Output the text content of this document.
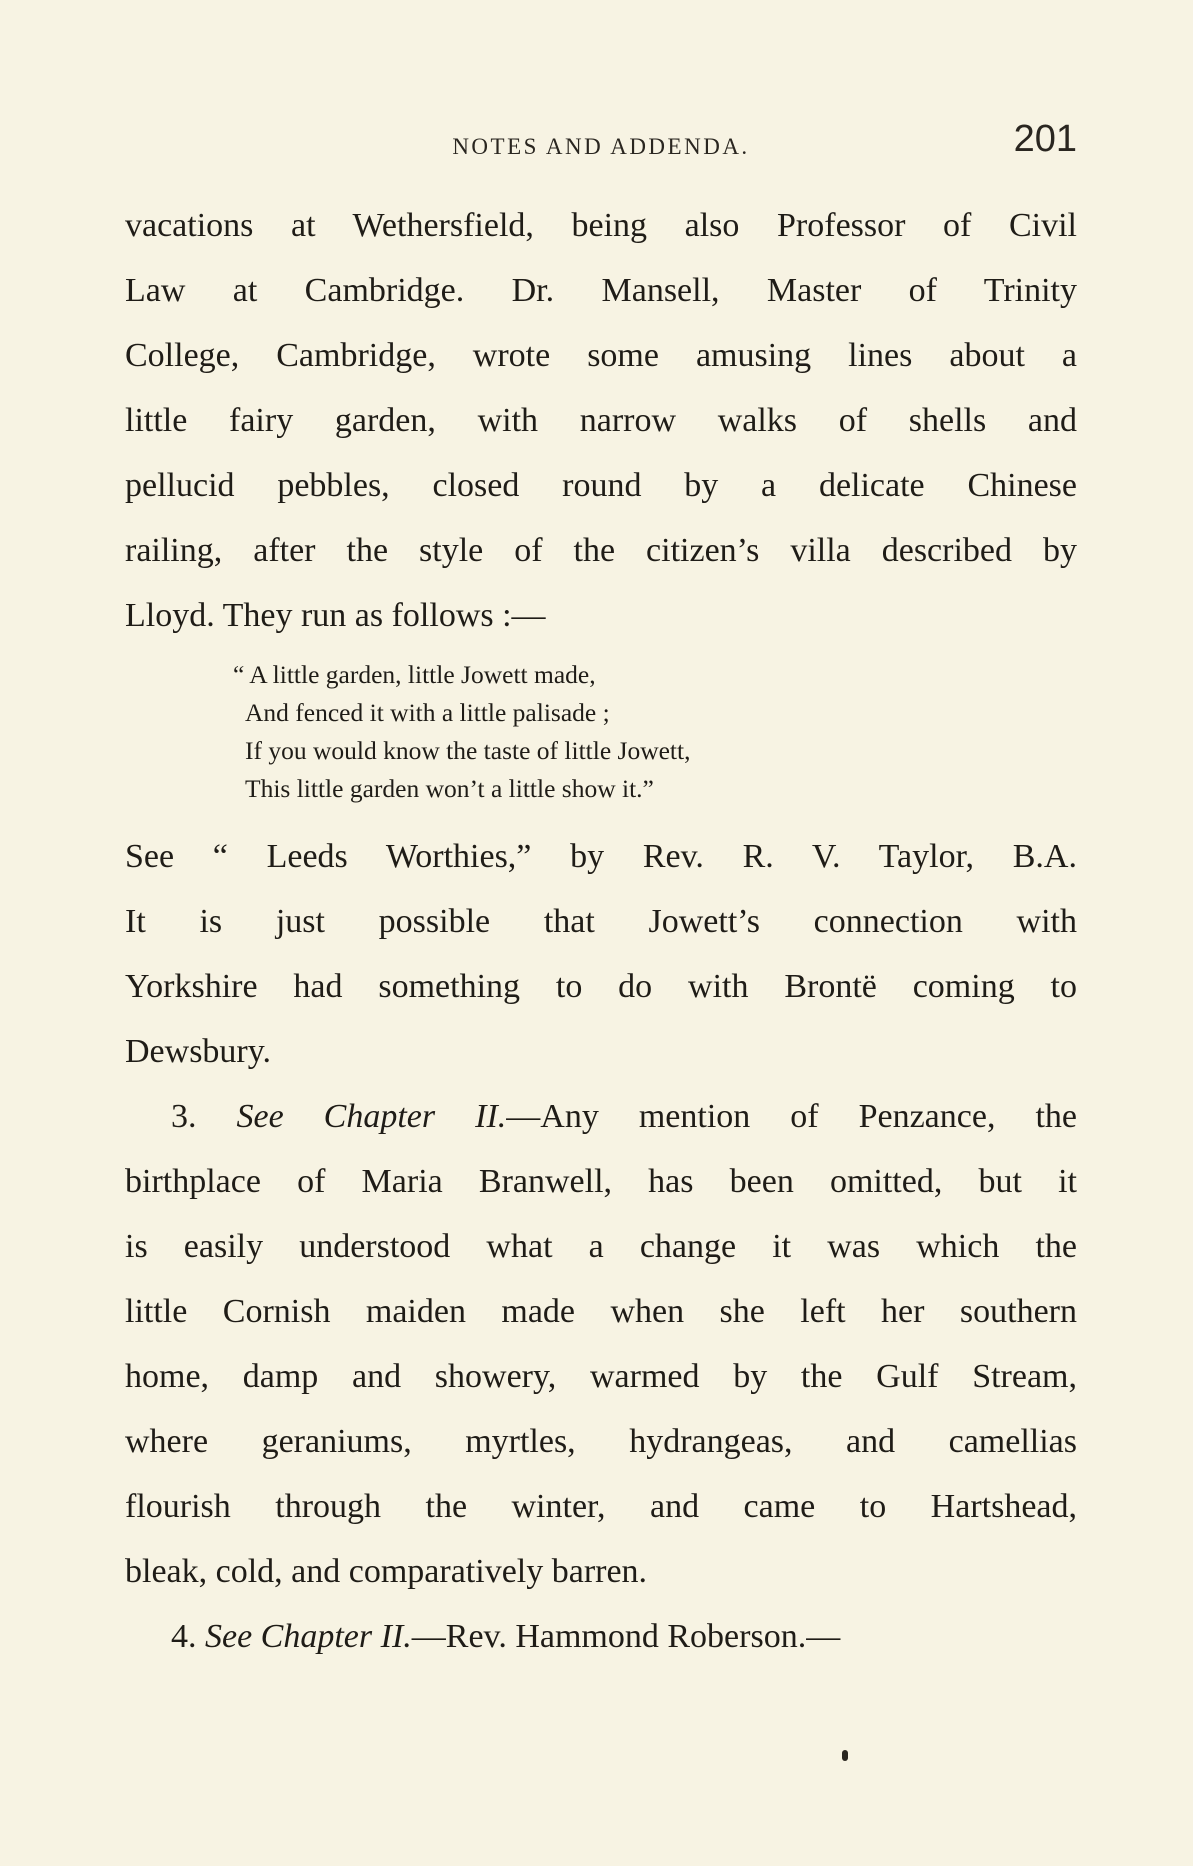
NOTES AND ADDENDA.	201
vacations at Wethersfield, being also Professor of Civil
Law at Cambridge. Dr. Mansell, Master of Trinity
College, Cambridge, wrote some amusing lines about a
little fairy garden, with narrow walks of shells and
pellucid pebbles, closed round by a delicate Chinese
railing, after the style of the citizen’s villa described by
Lloyd. They run as follows :—
“ A little garden, little Jowett made,
And fenced it with a little palisade ;
If you would know the taste of little Jowett,
This little garden won’t a little show it.”
See “ Leeds Worthies,” by Rev. R. V. Taylor, B.A.
It is just possible that Jowett’s connection with
Yorkshire had something to do with Brontë coming to
Dewsbury.
3. See Chapter II.—Any mention of Penzance, the
birthplace of Maria Branwell, has been omitted, but it
is easily understood what a change it was which the
little Cornish maiden made when she left her southern
home, damp and showery, warmed by the Gulf Stream,
where geraniums, myrtles, hydrangeas, and camellias
flourish through the winter, and came to Hartshead,
bleak, cold, and comparatively barren.
4. See Chapter II.—Rev. Hammond Roberson.—
